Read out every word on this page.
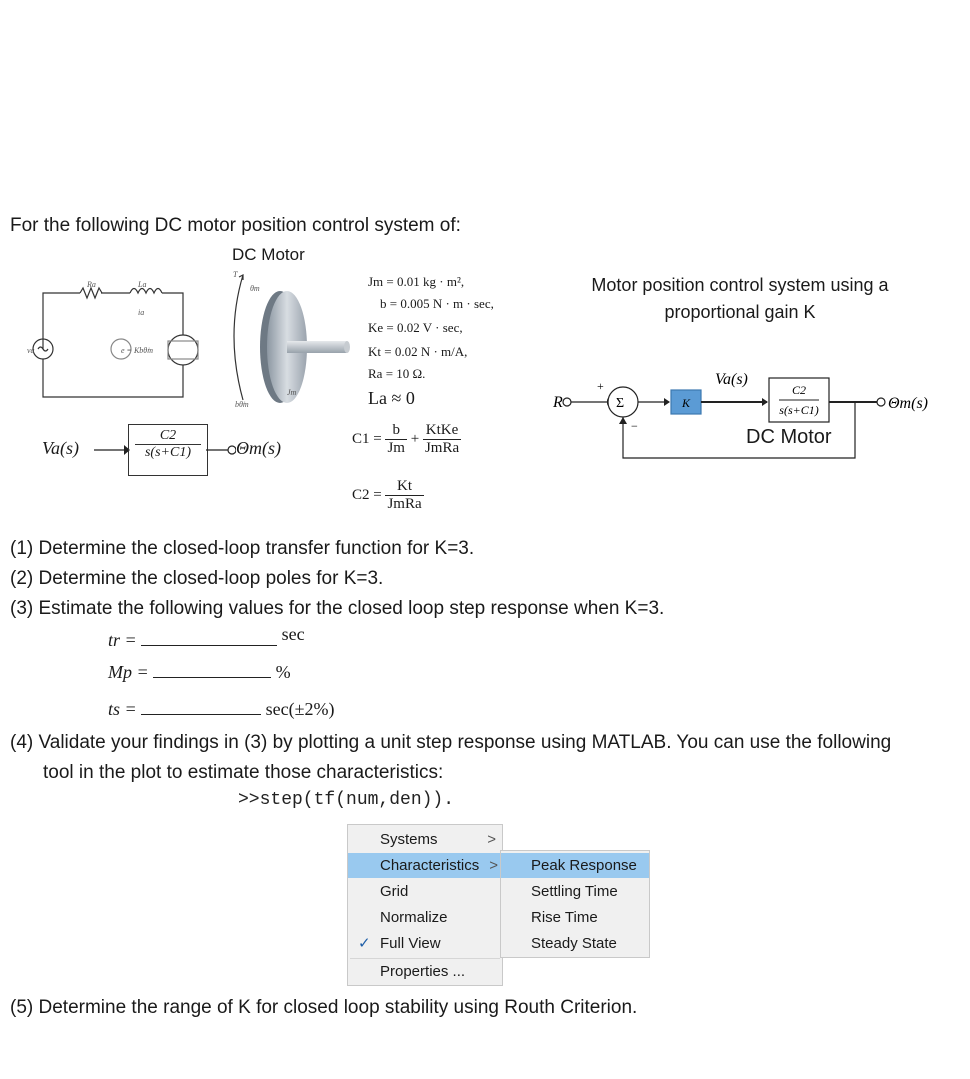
For the following DC motor position control system of:
DC Motor
Ra	La
ia
va	e = Kbθ̇m
T
θm
bθ̇m
Jm
Jm = 0.01 kg · m²,
b = 0.005 N · m · sec,
Ke = 0.02 V · sec,
Kt = 0.02 N · m/A,
Ra = 10 Ω.
La ≈ 0
$C1 = \frac{b}{Jm} + \frac{\text{KtKe}}{\text{JmRa}}$
$C2 = \frac{Kt}{\text{JmRa}}$
Va(s)
C2
s(s+C1)	Θm(s)
Motor position control system using a
proportional gain K
R
+
−
Σ	K
Va(s)
C2
s(s+C1)	Θm(s)
DC Motor
(1) Determine the closed-loop transfer function for K=3.
(2) Determine the closed-loop poles for K=3.
(3) Estimate the following values for the closed loop step response when K=3.
tr =	sec
Mp =	%
ts =	sec(±2%)
(4) Validate your findings in (3) by plotting a unit step response using MATLAB. You can use the following
tool in the plot to estimate those characteristics:
>>step(tf(num,den)).
Systems	>
Characteristics >
Grid
Normalize
✓ Full View
Properties ...
Peak Response
Settling Time
Rise Time
Steady State
(5) Determine the range of K for closed loop stability using Routh Criterion.
